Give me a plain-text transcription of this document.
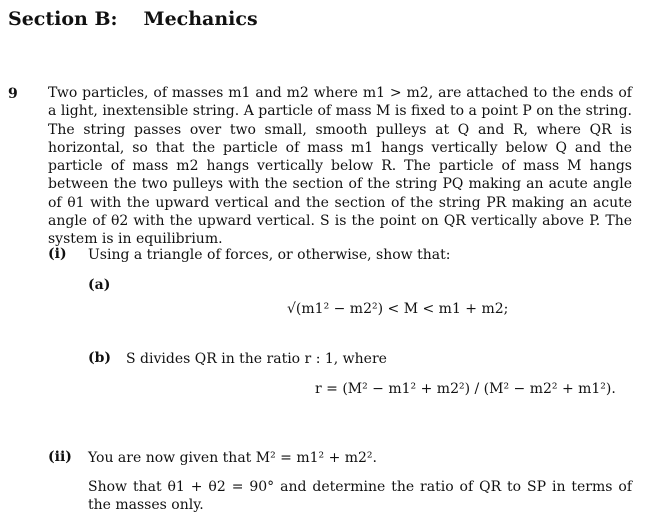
Section B: Mechanics
9 Two particles, of masses m1 and m2 where m1 > m2, are attached to the ends of a light, inextensible string. A particle of mass M is fixed to a point P on the string. The string passes over two small, smooth pulleys at Q and R, where QR is horizontal, so that the particle of mass m1 hangs vertically below Q and the particle of mass m2 hangs vertically below R. The particle of mass M hangs between the two pulleys with the section of the string PQ making an acute angle of θ1 with the upward vertical and the section of the string PR making an acute angle of θ2 with the upward vertical. S is the point on QR vertically above P. The system is in equilibrium.

(i) Using a triangle of forces, or otherwise, show that:

(a)
√(m1² − m2²) < M < m1 + m2;
(b) S divides QR in the ratio r : 1, where

r = (M² − m1² + m2²) / (M² − m2² + m1²).
(ii) You are now given that M² = m1² + m2².

Show that θ1 + θ2 = 90° and determine the ratio of QR to SP in terms of the masses only.
